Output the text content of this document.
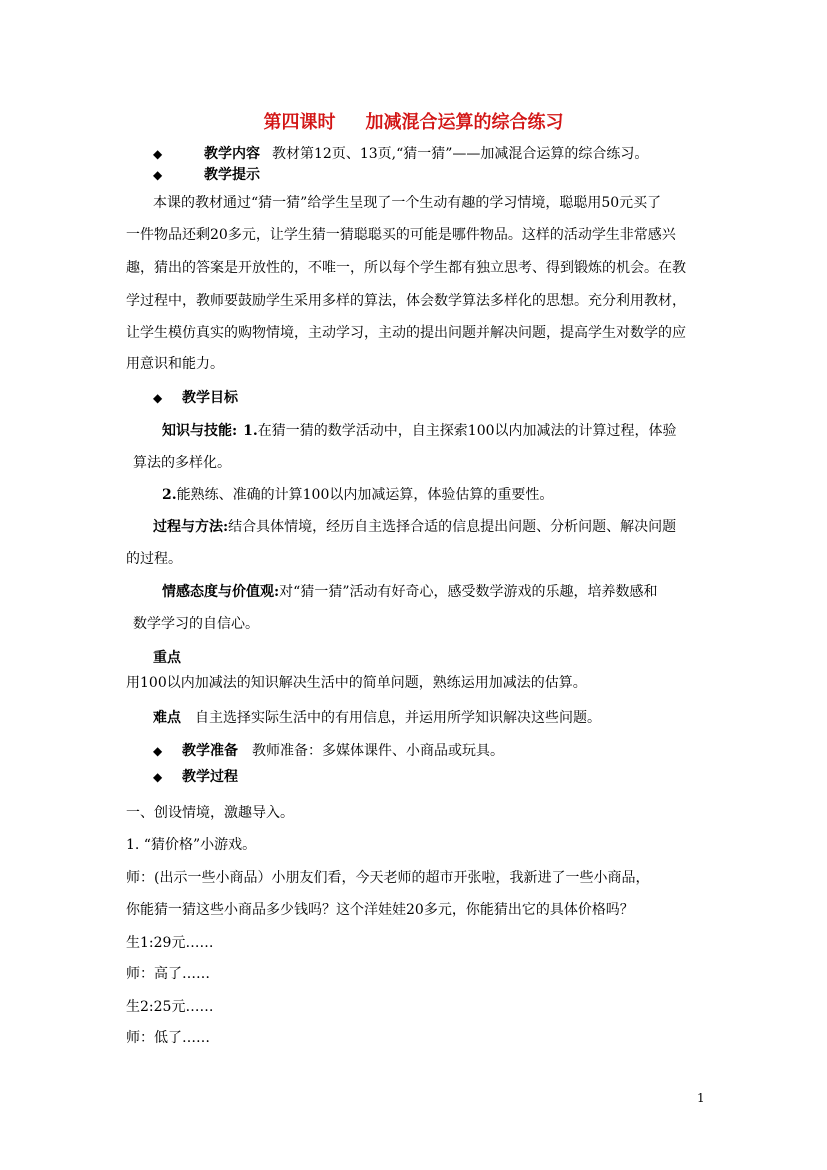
第四课时 加减混合运算的综合练习
◆	教学内容 教材第12页、13页,“猜一猜”——加减混合运算的综合练习。
◆	教学提示
本课的教材通过“猜一猜”给学生呈现了一个生动有趣的学习情境，聪聪用50元买了
一件物品还剩20多元，让学生猜一猜聪聪买的可能是哪件物品。这样的活动学生非常感兴
趣，猜出的答案是开放性的，不唯一，所以每个学生都有独立思考、得到锻炼的机会。在教
学过程中，教师要鼓励学生采用多样的算法，体会数学算法多样化的思想。充分利用教材，
让学生模仿真实的购物情境，主动学习，主动的提出问题并解决问题，提高学生对数学的应
用意识和能力。
◆ 教学目标
知识与技能: 1.在猜一猜的数学活动中，自主探索100以内加减法的计算过程，体验
算法的多样化。
2.能熟练、准确的计算100以内加减运算，体验估算的重要性。
过程与方法:结合具体情境，经历自主选择合适的信息提出问题、分析问题、解决问题
的过程。
情感态度与价值观:对“猜一猜”活动有好奇心，感受数学游戏的乐趣，培养数感和
数学学习的自信心。
重点
用100以内加减法的知识解决生活中的简单问题，熟练运用加减法的估算。
难点 自主选择实际生活中的有用信息，并运用所学知识解决这些问题。
◆ 教学准备 教师准备：多媒体课件、小商品或玩具。
◆ 教学过程
一、创设情境，激趣导入。
1. “猜价格”小游戏。
师：(出示一些小商品）小朋友们看，今天老师的超市开张啦，我新进了一些小商品，
你能猜一猜这些小商品多少钱吗？这个洋娃娃20多元，你能猜出它的具体价格吗？
生1:29元……
师：高了……
生2:25元……
师：低了……
1
